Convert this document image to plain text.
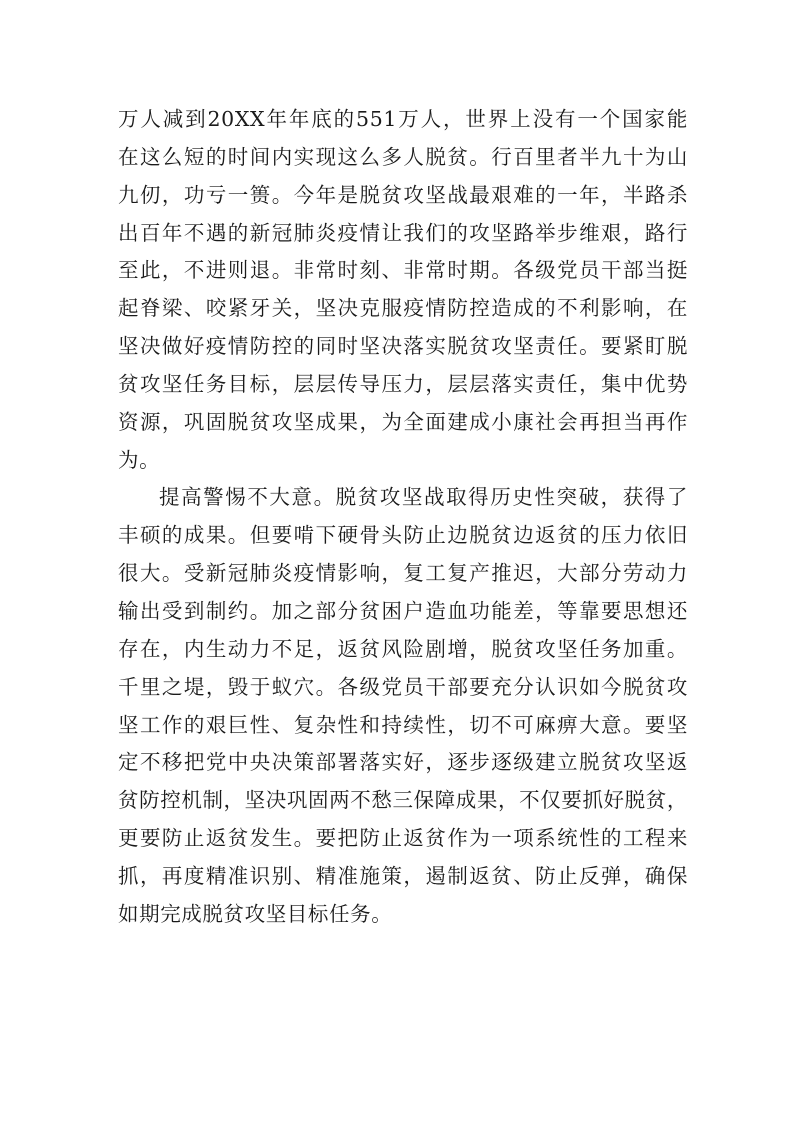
万人减到20XX年年底的551万人，世界上没有一个国家能
在这么短的时间内实现这么多人脱贫。行百里者半九十为山
九仞，功亏一篑。今年是脱贫攻坚战最艰难的一年，半路杀
出百年不遇的新冠肺炎疫情让我们的攻坚路举步维艰，路行
至此，不进则退。非常时刻、非常时期。各级党员干部当挺
起脊梁、咬紧牙关，坚决克服疫情防控造成的不利影响，在
坚决做好疫情防控的同时坚决落实脱贫攻坚责任。要紧盯脱
贫攻坚任务目标，层层传导压力，层层落实责任，集中优势
资源，巩固脱贫攻坚成果，为全面建成小康社会再担当再作
为。
提高警惕不大意。脱贫攻坚战取得历史性突破，获得了
丰硕的成果。但要啃下硬骨头防止边脱贫边返贫的压力依旧
很大。受新冠肺炎疫情影响，复工复产推迟，大部分劳动力
输出受到制约。加之部分贫困户造血功能差，等靠要思想还
存在，内生动力不足，返贫风险剧增，脱贫攻坚任务加重。
千里之堤，毁于蚁穴。各级党员干部要充分认识如今脱贫攻
坚工作的艰巨性、复杂性和持续性，切不可麻痹大意。要坚
定不移把党中央决策部署落实好，逐步逐级建立脱贫攻坚返
贫防控机制，坚决巩固两不愁三保障成果，不仅要抓好脱贫，
更要防止返贫发生。要把防止返贫作为一项系统性的工程来
抓，再度精准识别、精准施策，遏制返贫、防止反弹，确保
如期完成脱贫攻坚目标任务。
